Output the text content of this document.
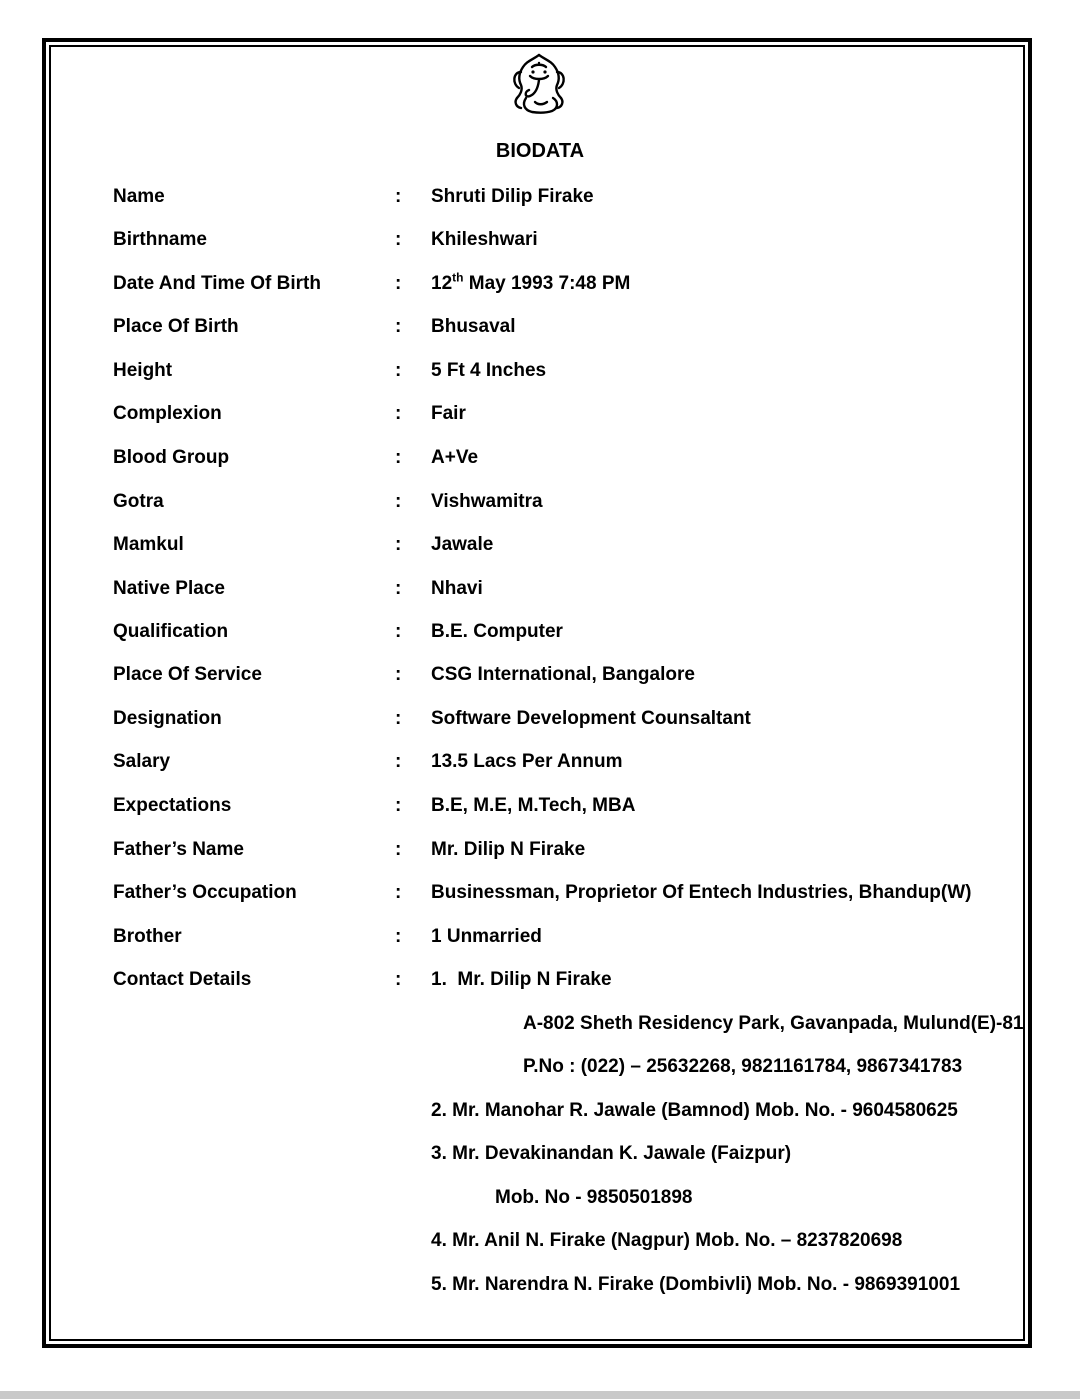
BIODATA
Name	: Shruti Dilip Firake
Birthname	: Khileshwari
Date And Time Of Birth	: 12th May 1993 7:48 PM
Place Of Birth	: Bhusaval
Height	: 5 Ft 4 Inches
Complexion	: Fair
Blood Group	: A+Ve
Gotra	: Vishwamitra
Mamkul	: Jawale
Native Place	: Nhavi
Qualification	: B.E. Computer
Place Of Service	: CSG International, Bangalore
Designation	: Software Development Counsaltant
Salary	: 13.5 Lacs Per Annum
Expectations	: B.E, M.E, M.Tech, MBA
Father’s Name	: Mr. Dilip N Firake
Father’s Occupation	: Businessman, Proprietor Of Entech Industries, Bhandup(W)
Brother	: 1 Unmarried
Contact Details	: 1.  Mr. Dilip N Firake
A-802 Sheth Residency Park, Gavanpada, Mulund(E)-81
P.No : (022) – 25632268, 9821161784, 9867341783
2. Mr. Manohar R. Jawale (Bamnod) Mob. No. - 9604580625
3. Mr. Devakinandan K. Jawale (Faizpur)
Mob. No - 9850501898
4. Mr. Anil N. Firake (Nagpur) Mob. No. – 8237820698
5. Mr. Narendra N. Firake (Dombivli) Mob. No. - 9869391001
